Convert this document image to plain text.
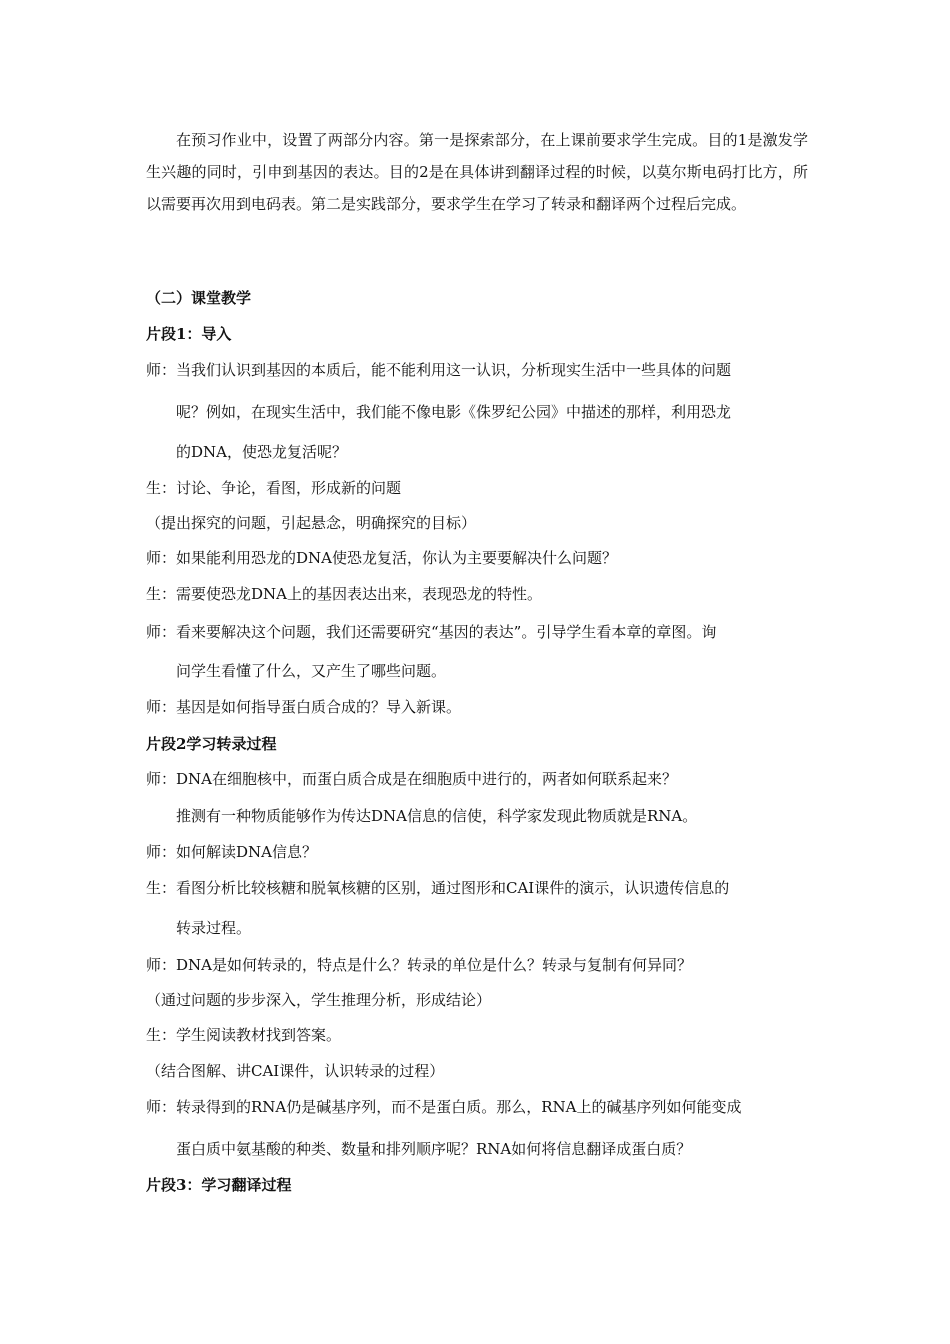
在预习作业中，设置了两部分内容。第一是探索部分，在上课前要求学生完成。目的1是激发学生兴趣的同时，引申到基因的表达。目的2是在具体讲到翻译过程的时候，以莫尔斯电码打比方，所以需要再次用到电码表。第二是实践部分，要求学生在学习了转录和翻译两个过程后完成。
（二）课堂教学
片段1：导入
师：当我们认识到基因的本质后，能不能利用这一认识，分析现实生活中一些具体的问题
呢？例如，在现实生活中，我们能不像电影《侏罗纪公园》中描述的那样，利用恐龙
的DNA，使恐龙复活呢？
生：讨论、争论，看图，形成新的问题
（提出探究的问题，引起悬念，明确探究的目标）
师：如果能利用恐龙的DNA使恐龙复活，你认为主要要解决什么问题？
生：需要使恐龙DNA上的基因表达出来，表现恐龙的特性。
师：看来要解决这个问题，我们还需要研究“基因的表达”。引导学生看本章的章图。询
问学生看懂了什么，又产生了哪些问题。
师：基因是如何指导蛋白质合成的？导入新课。
片段2学习转录过程
师：DNA在细胞核中，而蛋白质合成是在细胞质中进行的，两者如何联系起来？
推测有一种物质能够作为传达DNA信息的信使，科学家发现此物质就是RNA。
师：如何解读DNA信息？
生：看图分析比较核糖和脱氧核糖的区别，通过图形和CAI课件的演示，认识遗传信息的
转录过程。
师：DNA是如何转录的，特点是什么？转录的单位是什么？转录与复制有何异同？
（通过问题的步步深入，学生推理分析，形成结论）
生：学生阅读教材找到答案。
（结合图解、讲CAI课件，认识转录的过程）
师：转录得到的RNA仍是碱基序列，而不是蛋白质。那么，RNA上的碱基序列如何能变成
蛋白质中氨基酸的种类、数量和排列顺序呢？RNA如何将信息翻译成蛋白质？
片段3：学习翻译过程
